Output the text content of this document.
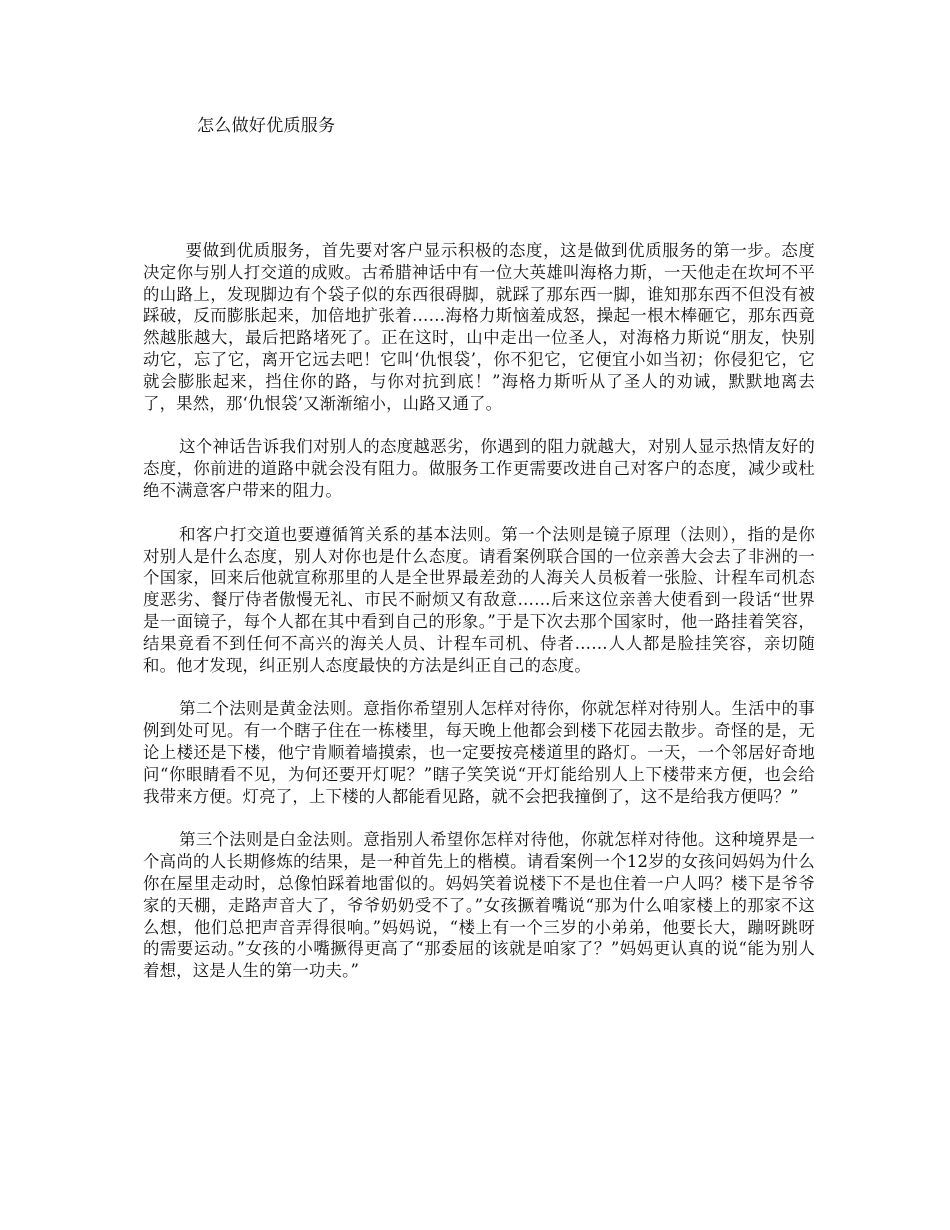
怎么做好优质服务

要做到优质服务，首先要对客户显示积极的态度，这是做到优质服务的第一步。态度决定你与别人打交道的成败。古希腊神话中有一位大英雄叫海格力斯，一天他走在坎坷不平的山路上，发现脚边有个袋子似的东西很碍脚，就踩了那东西一脚，谁知那东西不但没有被踩破，反而膨胀起来，加倍地扩张着……海格力斯恼羞成怒，操起一根木棒砸它，那东西竟然越胀越大，最后把路堵死了。正在这时，山中走出一位圣人，对海格力斯说“朋友，快别动它，忘了它，离开它远去吧！它叫‘仇恨袋’，你不犯它，它便宜小如当初；你侵犯它，它就会膨胀起来，挡住你的路，与你对抗到底！”海格力斯听从了圣人的劝诫，默默地离去了，果然，那‘仇恨袋’又渐渐缩小，山路又通了。

这个神话告诉我们对别人的态度越恶劣，你遇到的阻力就越大，对别人显示热情友好的态度，你前进的道路中就会没有阻力。做服务工作更需要改进自己对客户的态度，减少或杜绝不满意客户带来的阻力。

和客户打交道也要遵循筲关系的基本法则。第一个法则是镜子原理（法则），指的是你对别人是什么态度，别人对你也是什么态度。请看案例联合国的一位亲善大会去了非洲的一个国家，回来后他就宣称那里的人是全世界最差劲的人海关人员板着一张脸、计程车司机态度恶劣、餐厅侍者傲慢无礼、市民不耐烦又有敌意……后来这位亲善大使看到一段话“世界是一面镜子，每个人都在其中看到自己的形象。”于是下次去那个国家时，他一路挂着笑容，结果竟看不到任何不高兴的海关人员、计程车司机、侍者……人人都是脸挂笑容，亲切随和。他才发现，纠正别人态度最快的方法是纠正自己的态度。

第二个法则是黄金法则。意指你希望别人怎样对待你，你就怎样对待别人。生活中的事例到处可见。有一个瞎子住在一栋楼里，每天晚上他都会到楼下花园去散步。奇怪的是，无论上楼还是下楼，他宁肯顺着墙摸索，也一定要按亮楼道里的路灯。一天，一个邻居好奇地问“你眼睛看不见，为何还要开灯呢？”瞎子笑笑说“开灯能给别人上下楼带来方便，也会给我带来方便。灯亮了，上下楼的人都能看见路，就不会把我撞倒了，这不是给我方便吗？”

第三个法则是白金法则。意指别人希望你怎样对待他，你就怎样对待他。这种境界是一个高尚的人长期修炼的结果，是一种首先上的楷模。请看案例一个12岁的女孩问妈妈为什么你在屋里走动时，总像怕踩着地雷似的。妈妈笑着说楼下不是也住着一户人吗？楼下是爷爷家的天棚，走路声音大了，爷爷奶奶受不了。”女孩撅着嘴说“那为什么咱家楼上的那家不这么想，他们总把声音弄得很响。”妈妈说，“楼上有一个三岁的小弟弟，他要长大，蹦呀跳呀的需要运动。”女孩的小嘴撅得更高了“那委屈的该就是咱家了？”妈妈更认真的说“能为别人着想，这是人生的第一功夫。”
